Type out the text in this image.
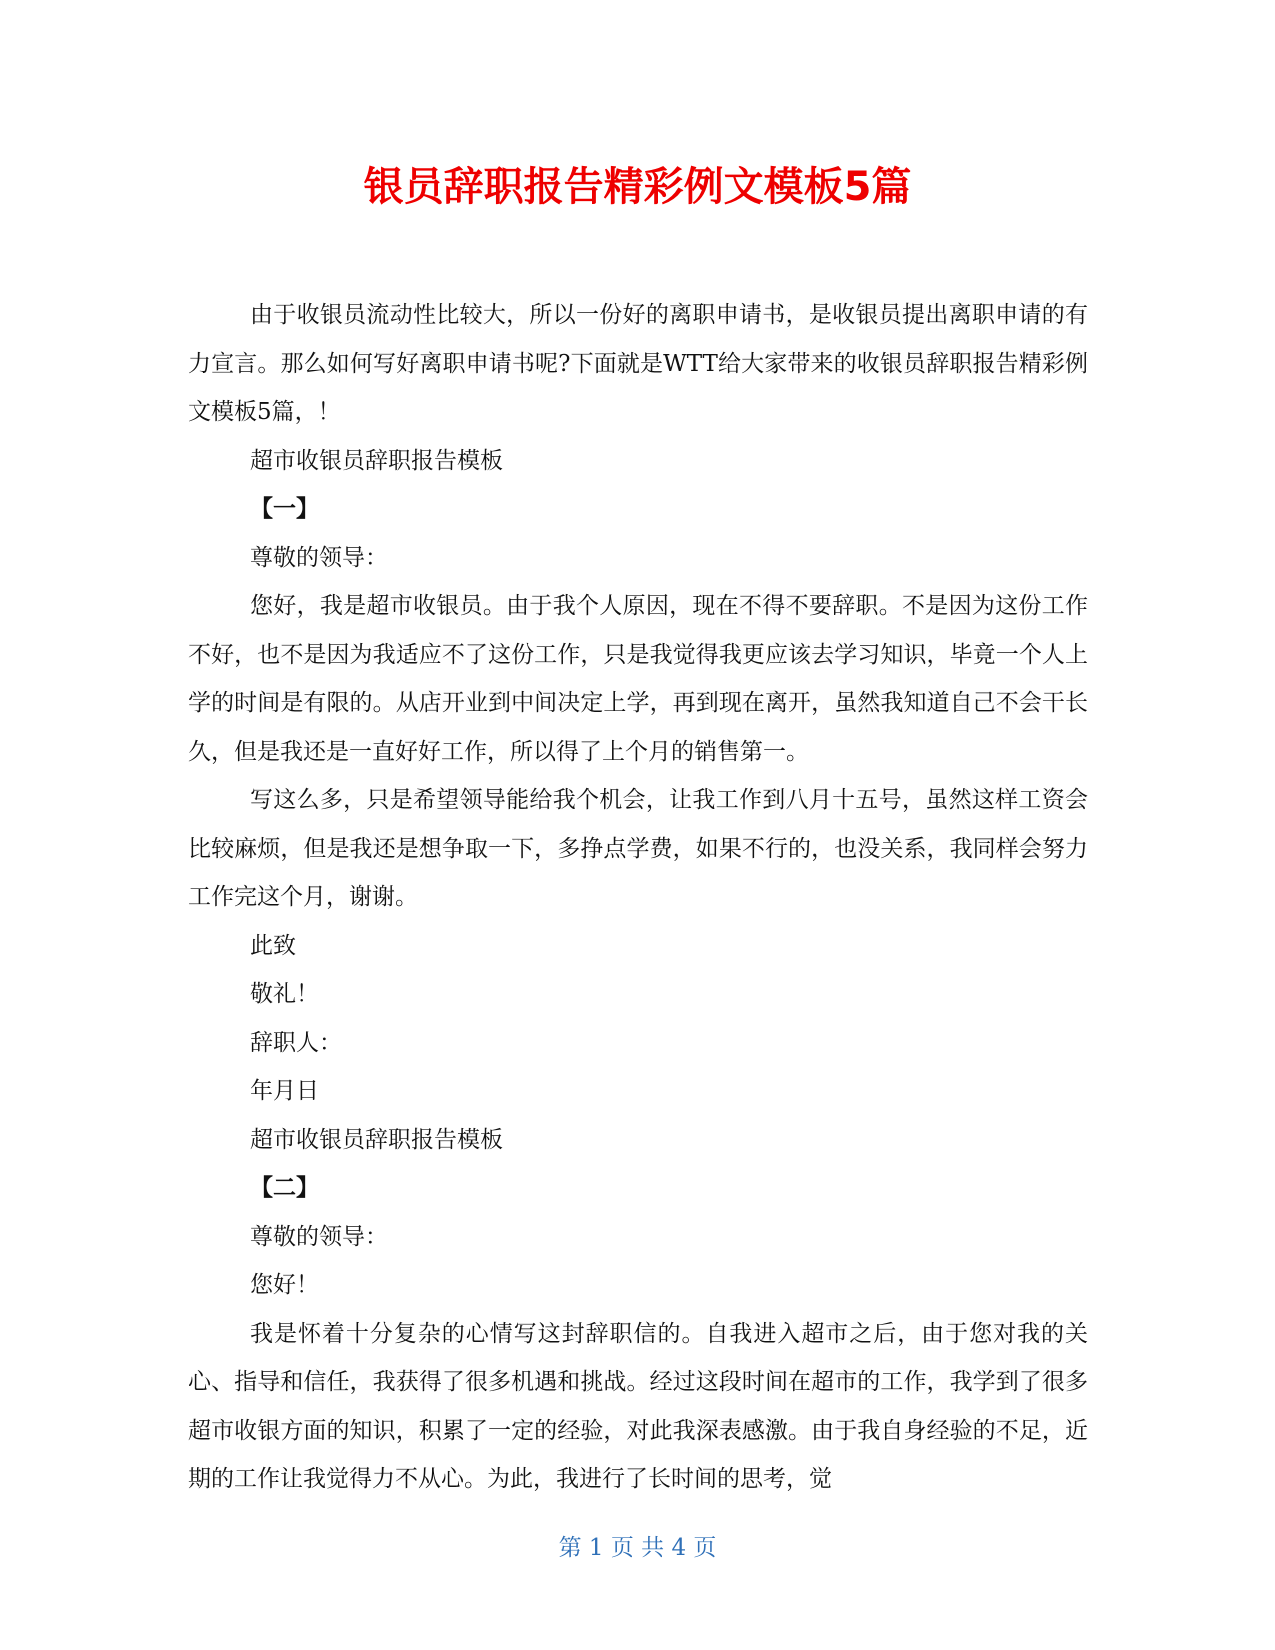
银员辞职报告精彩例文模板5篇

由于收银员流动性比较大，所以一份好的离职申请书，是收银员提出离职申请的有力宣言。那么如何写好离职申请书呢?下面就是WTT给大家带来的收银员辞职报告精彩例文模板5篇，！

超市收银员辞职报告模板

【一】

尊敬的领导：

您好，我是超市收银员。由于我个人原因，现在不得不要辞职。不是因为这份工作不好，也不是因为我适应不了这份工作，只是我觉得我更应该去学习知识，毕竟一个人上学的时间是有限的。从店开业到中间决定上学，再到现在离开，虽然我知道自己不会干长久，但是我还是一直好好工作，所以得了上个月的销售第一。

写这么多，只是希望领导能给我个机会，让我工作到八月十五号，虽然这样工资会比较麻烦，但是我还是想争取一下，多挣点学费，如果不行的，也没关系，我同样会努力工作完这个月，谢谢。

此致

敬礼！

辞职人：

年月日

超市收银员辞职报告模板

【二】

尊敬的领导：

您好！

我是怀着十分复杂的心情写这封辞职信的。自我进入超市之后，由于您对我的关心、指导和信任，我获得了很多机遇和挑战。经过这段时间在超市的工作，我学到了很多超市收银方面的知识，积累了一定的经验，对此我深表感激。由于我自身经验的不足，近期的工作让我觉得力不从心。为此，我进行了长时间的思考，觉

第 1 页 共 4 页
